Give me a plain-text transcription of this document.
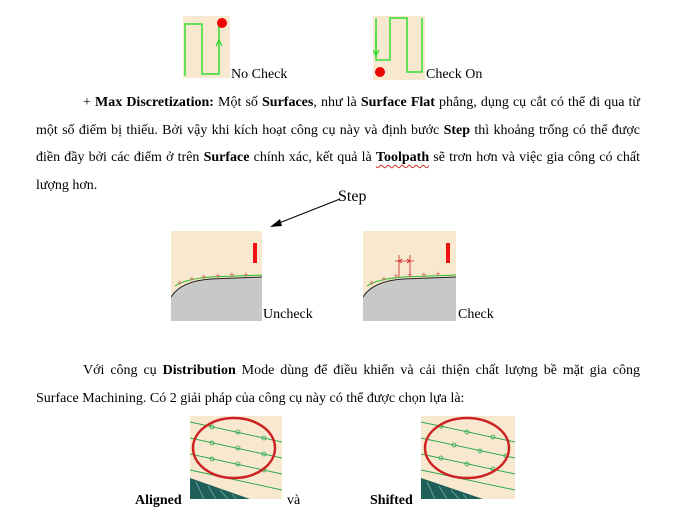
No Check	Check On
+ Max Discretization: Một số Surfaces, như là Surface Flat phẳng, dụng cụ cắt có thể đi qua từ một số điểm bị thiếu. Bởi vậy khi kích hoạt công cụ này và định bước Step thì khoảng trống có thể được điền đầy bởi các điểm ở trên Surface chính xác, kết quả là Toolpath sẽ trơn hơn và việc gia công có chất lượng hơn.
Step
+ + + + + +
Uncheck
+ + + + + +
Check
Với công cụ Distribution Mode dùng để điều khiển và cải thiện chất lượng bề mặt gia công Surface Machining. Có 2 giải pháp của công cụ này có thể được chọn lựa là:
Aligned	và	Shifted
